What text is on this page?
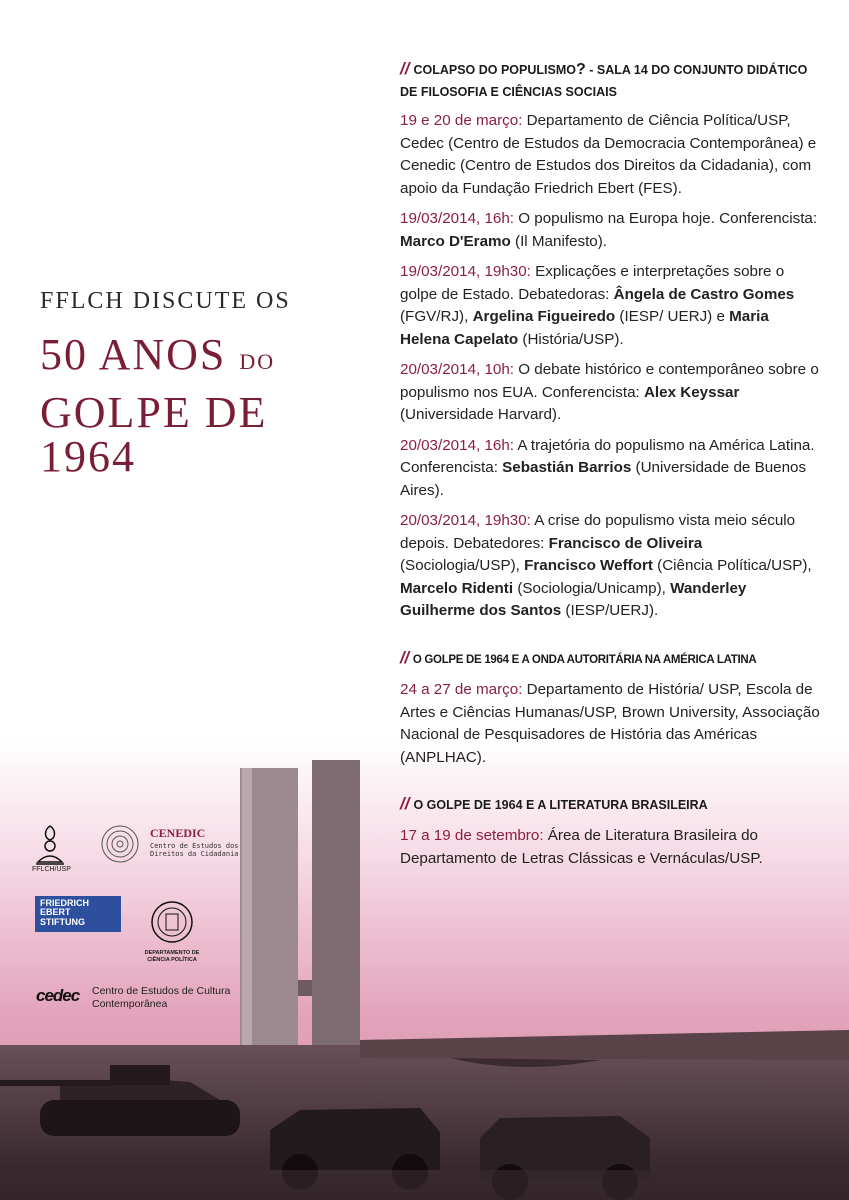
FFLCH DISCUTE OS
50 ANOS DO
GOLPE DE 1964
// COLAPSO DO POPULISMO? - SALA 14 DO CONJUNTO DIDÁTICO DE FILOSOFIA E CIÊNCIAS SOCIAIS
19 e 20 de março: Departamento de Ciência Política/USP, Cedec (Centro de Estudos da Democracia Contemporânea) e Cenedic (Centro de Estudos dos Direitos da Cidadania), com apoio da Fundação Friedrich Ebert (FES).
19/03/2014, 16h: O populismo na Europa hoje. Conferencista: Marco D'Eramo (Il Manifesto).
19/03/2014, 19h30: Explicações e interpretações sobre o golpe de Estado. Debatedoras: Ângela de Castro Gomes (FGV/RJ), Argelina Figueiredo (IESP/ UERJ) e Maria Helena Capelato (História/USP).
20/03/2014, 10h: O debate histórico e contemporâneo sobre o populismo nos EUA. Conferencista: Alex Keyssar (Universidade Harvard).
20/03/2014, 16h: A trajetória do populismo na América Latina. Conferencista: Sebastián Barrios (Universidade de Buenos Aires).
20/03/2014, 19h30: A crise do populismo vista meio século depois. Debatedores: Francisco de Oliveira (Sociologia/USP), Francisco Weffort (Ciência Política/USP), Marcelo Ridenti (Sociologia/Unicamp), Wanderley Guilherme dos Santos (IESP/UERJ).
// O GOLPE DE 1964 E A ONDA AUTORITÁRIA NA AMÉRICA LATINA
24 a 27 de março: Departamento de História/ USP, Escola de Artes e Ciências Humanas/USP, Brown University, Associação Nacional de Pesquisadores de História das Américas (ANPLHAC).
// O GOLPE DE 1964 E A LITERATURA BRASILEIRA
17 a 19 de setembro: Área de Literatura Brasileira do Departamento de Letras Clássicas e Vernáculas/USP.
FFLCH/USP
CENEDIC
Centro de Estudos dos Direitos da Cidadania
FRIEDRICH EBERT STIFTUNG
DEPARTAMENTO DE CIÊNCIA POLÍTICA
cedec Centro de Estudos de Cultura Contemporânea
